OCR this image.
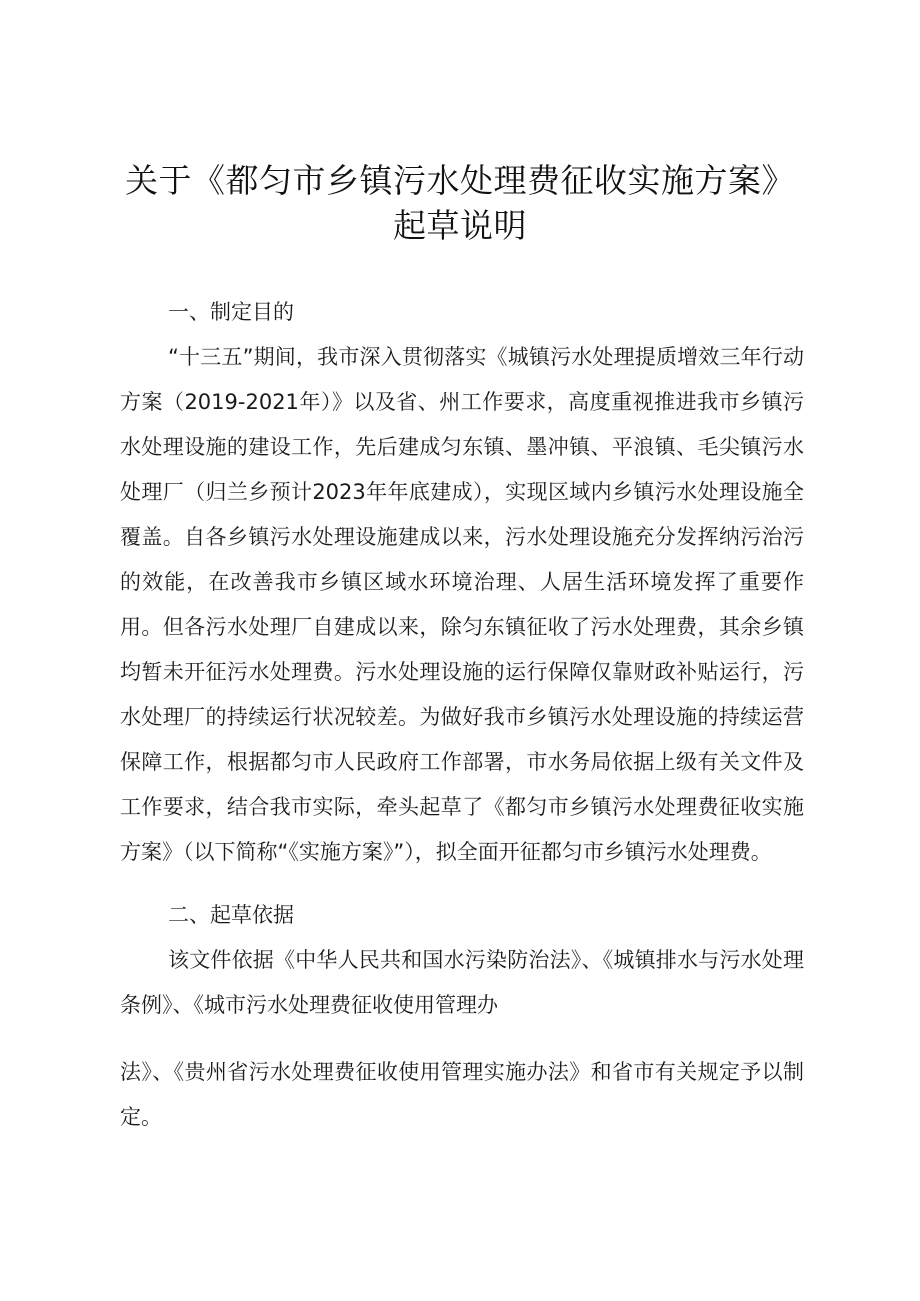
关于《都匀市乡镇污水处理费征收实施方案》起草说明

一、制定目的

“十三五”期间，我市深入贯彻落实《城镇污水处理提质增效三年行动方案（2019-2021年）》以及省、州工作要求，高度重视推进我市乡镇污水处理设施的建设工作，先后建成匀东镇、墨冲镇、平浪镇、毛尖镇污水处理厂（归兰乡预计2023年年底建成），实现区域内乡镇污水处理设施全覆盖。自各乡镇污水处理设施建成以来，污水处理设施充分发挥纳污治污的效能，在改善我市乡镇区域水环境治理、人居生活环境发挥了重要作用。但各污水处理厂自建成以来，除匀东镇征收了污水处理费，其余乡镇均暂未开征污水处理费。污水处理设施的运行保障仅靠财政补贴运行，污水处理厂的持续运行状况较差。为做好我市乡镇污水处理设施的持续运营保障工作，根据都匀市人民政府工作部署，市水务局依据上级有关文件及工作要求，结合我市实际，牵头起草了《都匀市乡镇污水处理费征收实施方案》（以下简称“《实施方案》”），拟全面开征都匀市乡镇污水处理费。

二、起草依据

该文件依据《中华人民共和国水污染防治法》、《城镇排水与污水处理条例》、《城市污水处理费征收使用管理办

法》、《贵州省污水处理费征收使用管理实施办法》和省市有关规定予以制定。
